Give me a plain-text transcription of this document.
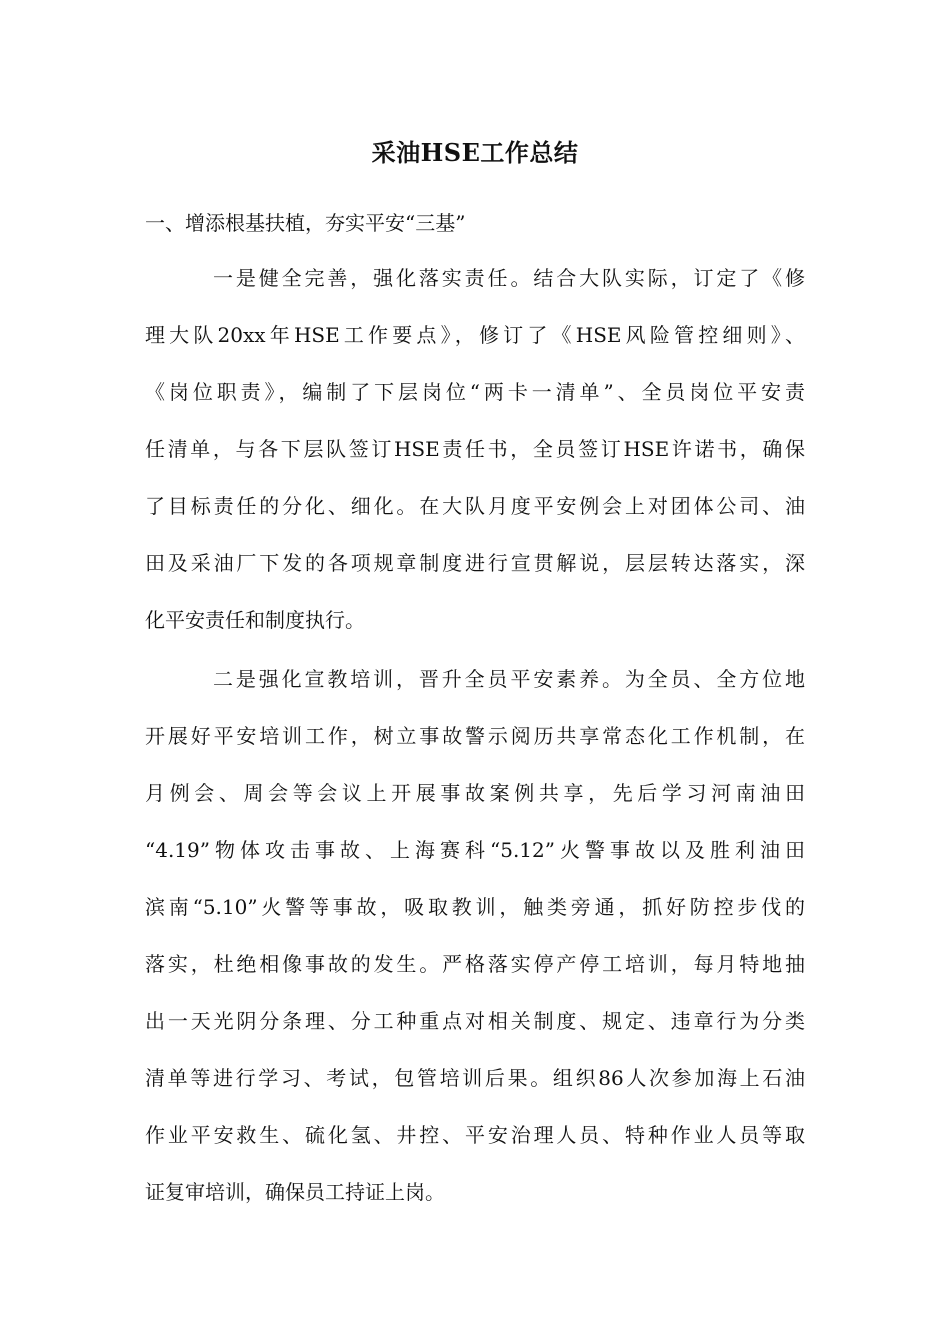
采油HSE工作总结
一、增添根基扶植，夯实平安“三基”
一是健全完善，强化落实责任。结合大队实际，订定了《修
理大队20xx年HSE工作要点》，修订了《HSE风险管控细则》、
《岗位职责》，编制了下层岗位“两卡一清单”、全员岗位平安责
任清单，与各下层队签订HSE责任书，全员签订HSE许诺书，确保
了目标责任的分化、细化。在大队月度平安例会上对团体公司、油
田及采油厂下发的各项规章制度进行宣贯解说，层层转达落实，深
化平安责任和制度执行。
二是强化宣教培训，晋升全员平安素养。为全员、全方位地
开展好平安培训工作，树立事故警示阅历共享常态化工作机制，在
月例会、周会等会议上开展事故案例共享，先后学习河南油田
“4.19”物体攻击事故、上海赛科“5.12”火警事故以及胜利油田
滨南“5.10”火警等事故，吸取教训，触类旁通，抓好防控步伐的
落实，杜绝相像事故的发生。严格落实停产停工培训，每月特地抽
出一天光阴分条理、分工种重点对相关制度、规定、违章行为分类
清单等进行学习、考试，包管培训后果。组织86人次参加海上石油
作业平安救生、硫化氢、井控、平安治理人员、特种作业人员等取
证复审培训，确保员工持证上岗。
